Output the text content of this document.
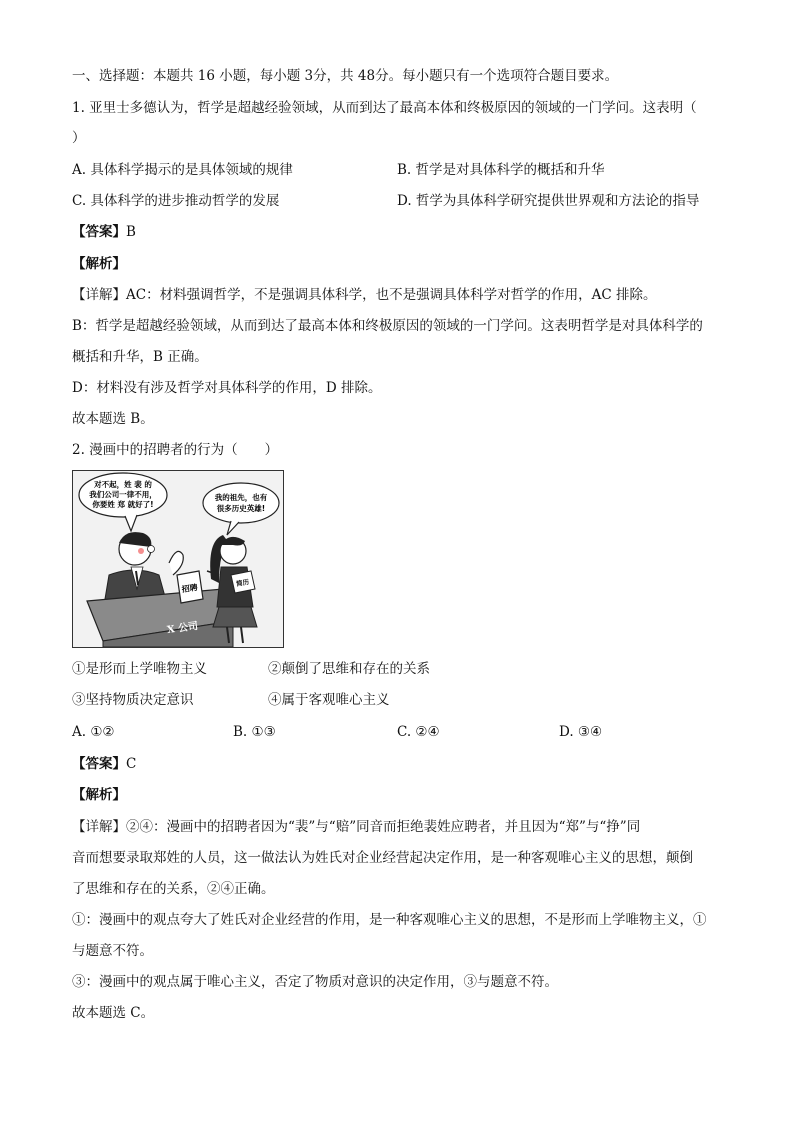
一、选择题：本题共 16 小题，每小题 3分，共 48分。每小题只有一个选项符合题目要求。
1. 亚里士多德认为，哲学是超越经验领域，从而到达了最高本体和终极原因的领域的一门学问。这表明（
）
A. 具体科学揭示的是具体领域的规律	B. 哲学是对具体科学的概括和升华
C. 具体科学的进步推动哲学的发展	D. 哲学为具体科学研究提供世界观和方法论的指导
【答案】B
【解析】
【详解】AC：材料强调哲学，不是强调具体科学，也不是强调具体科学对哲学的作用，AC 排除。
B：哲学是超越经验领域，从而到达了最高本体和终极原因的领域的一门学问。这表明哲学是对具体科学的
概括和升华，B 正确。
D：材料没有涉及哲学对具体科学的作用，D 排除。
故本题选 B。
2. 漫画中的招聘者的行为（　　）
对不起，姓 裴 的
我们公司一律不用，
你要姓 郑 就好了!
我的祖先，也有
很多历史英雄!
X 公司
招聘	简历
①是形而上学唯物主义	②颠倒了思维和存在的关系
③坚持物质决定意识	④属于客观唯心主义
A. ①②	B. ①③	C. ②④	D. ③④
【答案】C
【解析】
【详解】②④：漫画中的招聘者因为“裴”与“赔”同音而拒绝裴姓应聘者，并且因为“郑”与“挣”同
音而想要录取郑姓的人员，这一做法认为姓氏对企业经营起决定作用，是一种客观唯心主义的思想，颠倒
了思维和存在的关系，②④正确。
①：漫画中的观点夸大了姓氏对企业经营的作用，是一种客观唯心主义的思想，不是形而上学唯物主义，①
与题意不符。
③：漫画中的观点属于唯心主义，否定了物质对意识的决定作用，③与题意不符。
故本题选 C。
